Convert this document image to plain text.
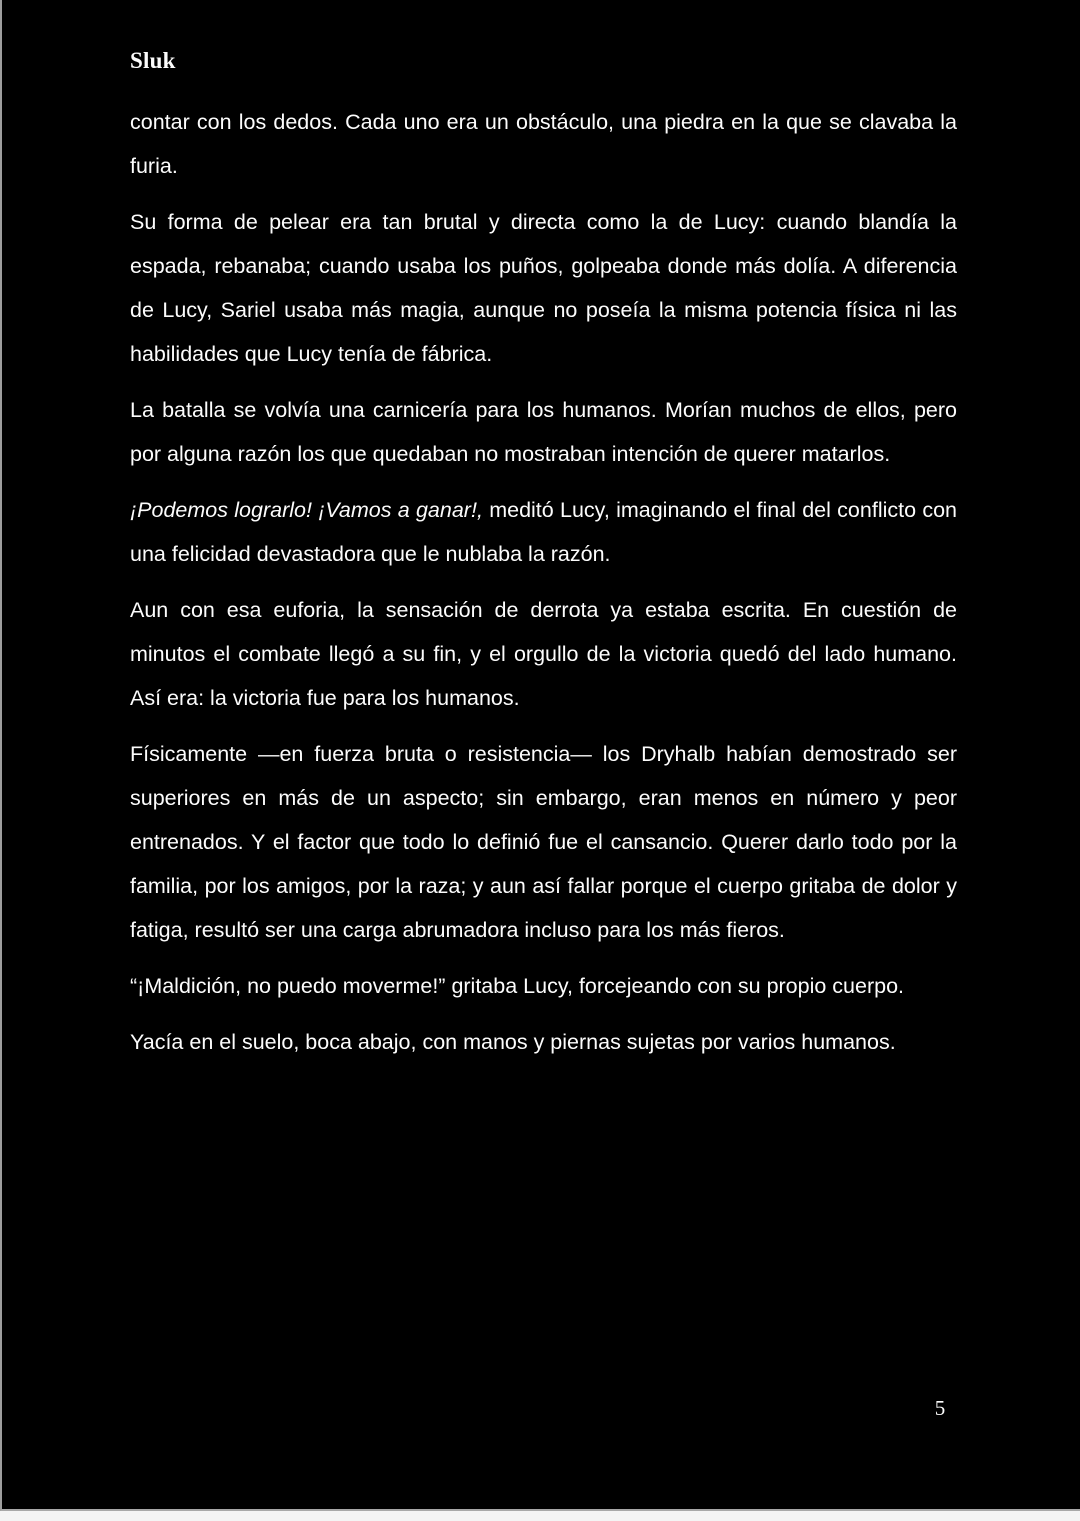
Sluk

contar con los dedos. Cada uno era un obstáculo, una piedra en la que se clavaba la furia.

Su forma de pelear era tan brutal y directa como la de Lucy: cuando blandía la espada, rebanaba; cuando usaba los puños, golpeaba donde más dolía. A diferencia de Lucy, Sariel usaba más magia, aunque no poseía la misma potencia física ni las habilidades que Lucy tenía de fábrica.

La batalla se volvía una carnicería para los humanos. Morían muchos de ellos, pero por alguna razón los que quedaban no mostraban intención de querer matarlos.

¡Podemos lograrlo! ¡Vamos a ganar!, meditó Lucy, imaginando el final del conflicto con una felicidad devastadora que le nublaba la razón.

Aun con esa euforia, la sensación de derrota ya estaba escrita. En cuestión de minutos el combate llegó a su fin, y el orgullo de la victoria quedó del lado humano. Así era: la victoria fue para los humanos.

Físicamente —en fuerza bruta o resistencia— los Dryhalb habían demostrado ser superiores en más de un aspecto; sin embargo, eran menos en número y peor entrenados. Y el factor que todo lo definió fue el cansancio. Querer darlo todo por la familia, por los amigos, por la raza; y aun así fallar porque el cuerpo gritaba de dolor y fatiga, resultó ser una carga abrumadora incluso para los más fieros.

“¡Maldición, no puedo moverme!” gritaba Lucy, forcejeando con su propio cuerpo.

Yacía en el suelo, boca abajo, con manos y piernas sujetas por varios humanos.

5
